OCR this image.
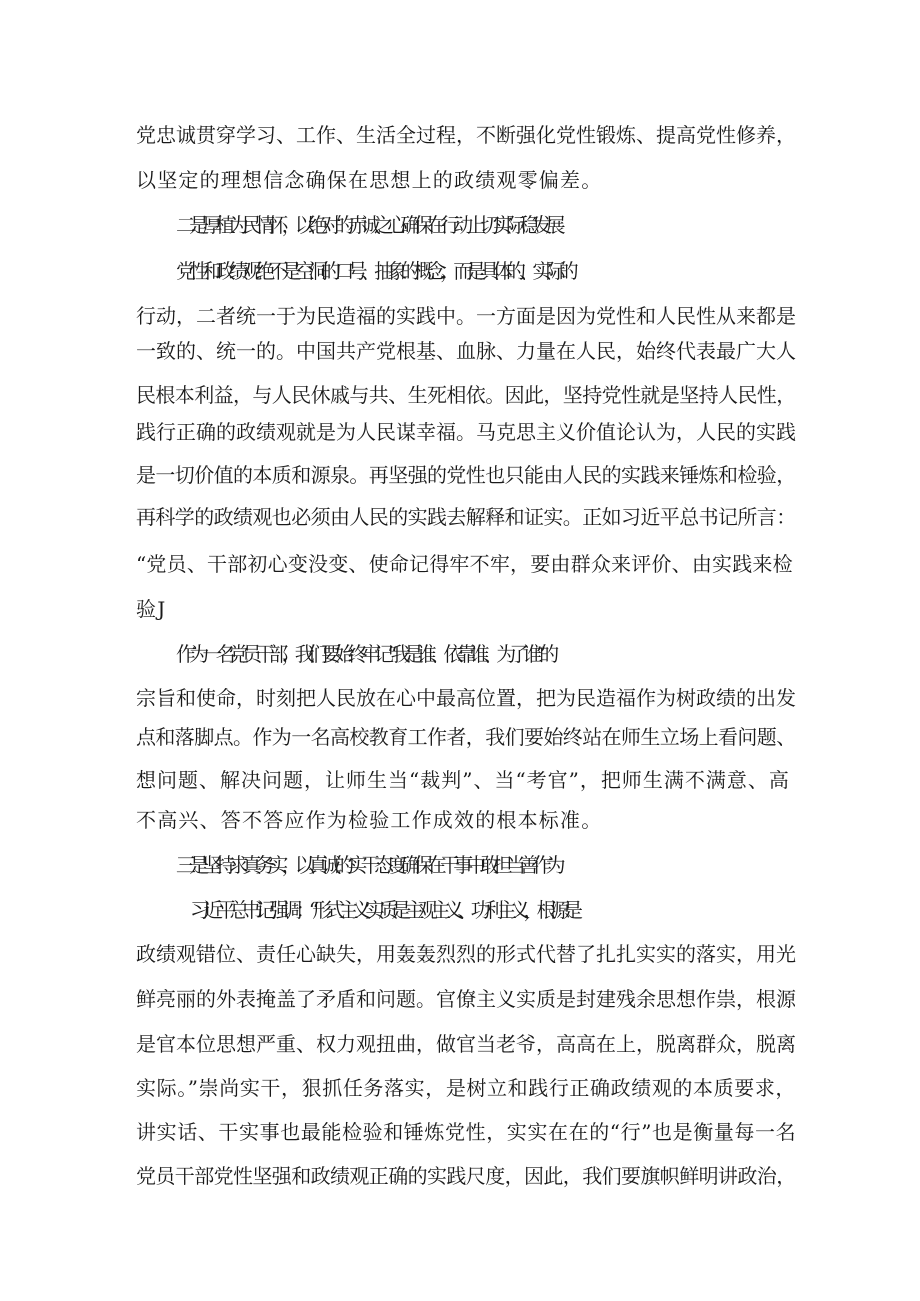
党忠诚贯穿学习、工作、生活全过程，不断强化党性锻炼、提高党性修养，
以坚定的理想信念确保在思想上的政绩观零偏差。
二是厚植为民情怀，以绝对的赤诚之心确保在行动上切实际稳发展
党性和政绩观绝不是空洞的口号、抽象的概念，而是具体的、实际的
行动，二者统一于为民造福的实践中。一方面是因为党性和人民性从来都是
一致的、统一的。中国共产党根基、血脉、力量在人民，始终代表最广大人
民根本利益，与人民休戚与共、生死相依。因此，坚持党性就是坚持人民性，
践行正确的政绩观就是为人民谋幸福。马克思主义价值论认为，人民的实践
是一切价值的本质和源泉。再坚强的党性也只能由人民的实践来锤炼和检验，
再科学的政绩观也必须由人民的实践去解释和证实。正如习近平总书记所言：
“党员、干部初心变没变、使命记得牢不牢，要由群众来评价、由实践来检
验J
作为一名党员干部，我们要始终牢记“我是谁、依靠谁、为了谁”的
宗旨和使命，时刻把人民放在心中最高位置，把为民造福作为树政绩的出发
点和落脚点。作为一名高校教育工作者，我们要始终站在师生立场上看问题、
想问题、解决问题，让师生当“裁判”、当“考官”，把师生满不满意、高
不高兴、答不答应作为检验工作成效的根本标准。
三是坚持求真务实，以真诚的实干态度确保在干事中敢担当善作为
习近平总书记强调：“形式主义实质是主观主义、功利主义，根源是
政绩观错位、责任心缺失，用轰轰烈烈的形式代替了扎扎实实的落实，用光
鲜亮丽的外表掩盖了矛盾和问题。官僚主义实质是封建残余思想作祟，根源
是官本位思想严重、权力观扭曲，做官当老爷，高高在上，脱离群众，脱离
实际。”崇尚实干，狠抓任务落实，是树立和践行正确政绩观的本质要求，
讲实话、干实事也最能检验和锤炼党性，实实在在的“行”也是衡量每一名
党员干部党性坚强和政绩观正确的实践尺度，因此，我们要旗帜鲜明讲政治，
